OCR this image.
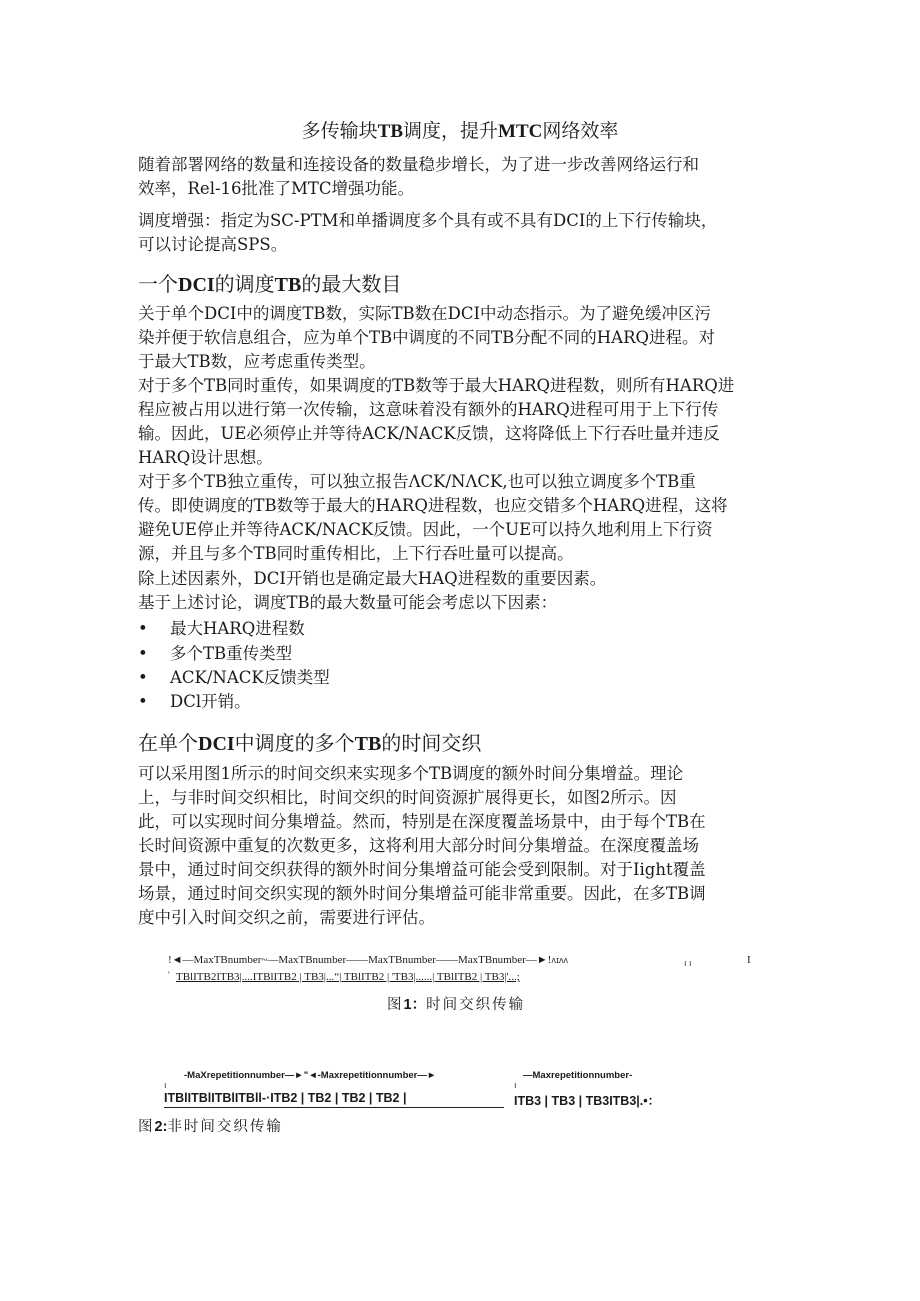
多传输块TB调度，提升MTC网络效率
随着部署网络的数量和连接设备的数量稳步增长，为了进一步改善网络运行和
效率，Rel-16批准了MTC增强功能。
调度增强：指定为SC-PTM和单播调度多个具有或不具有DCI的上下行传输块，
可以讨论提高SPS。
一个DCI的调度TB的最大数目
关于单个DCI中的调度TB数，实际TB数在DCI中动态指示。为了避免缓冲区污
染并便于软信息组合，应为单个TB中调度的不同TB分配不同的HARQ进程。对
于最大TB数，应考虑重传类型。
对于多个TB同时重传，如果调度的TB数等于最大HARQ进程数，则所有HARQ进
程应被占用以进行第一次传输，这意味着没有额外的HARQ进程可用于上下行传
输。因此，UE必须停止并等待ACK/NACK反馈，这将降低上下行吞吐量并违反
HARQ设计思想。
对于多个TB独立重传，可以独立报告ΛCK/NΛCK,也可以独立调度多个TB重
传。即使调度的TB数等于最大的HARQ进程数，也应交错多个HARQ进程，这将
避免UE停止并等待ACK/NACK反馈。因此，一个UE可以持久地利用上下行资
源，并且与多个TB同时重传相比，上下行吞吐量可以提高。
除上述因素外，DCI开销也是确定最大HAQ进程数的重要因素。
基于上述讨论，调度TB的最大数量可能会考虑以下因素：
• 最大HARQ进程数
• 多个TB重传类型
• ACK/NACK反馈类型
• DCl开销。
在单个DCI中调度的多个TB的时间交织
可以采用图1所示的时间交织来实现多个TB调度的额外时间分集增益。理论
上，与非时间交织相比，时间交织的时间资源扩展得更长，如图2所示。因
此，可以实现时间分集增益。然而，特别是在深度覆盖场景中，由于每个TB在
长时间资源中重复的次数更多，这将利用大部分时间分集增益。在深度覆盖场
景中，通过时间交织获得的额外时间分集增益可能会受到限制。对于Iight覆盖
场景，通过时间交织实现的额外时间分集增益可能非常重要。因此，在多TB调
度中引入时间交织之前，需要进行评估。
!◄—MaxTBnumber~—MaxTBnumber——MaxTBnumber——MaxTBnumber—►!ʌɪʌʌ	ı ı	I
' TBlITB2ITB3|....ITBlITB2 | TB3|...“| TBlITB2 | 'TB3|......| TBlITB2 | TB3|'...;
图1：时间交织传输
-MaXrepetitionnumber—►"◄-Maxrepetitionnumber—►	—Maxrepetitionnumber-
ı	ı
ITBlITBlITBlITBll-·ITB2 | TB2 | TB2 | TB2 |	ITB3 | TB3 | TB3ITB3|.•：
图2:非时间交织传输
